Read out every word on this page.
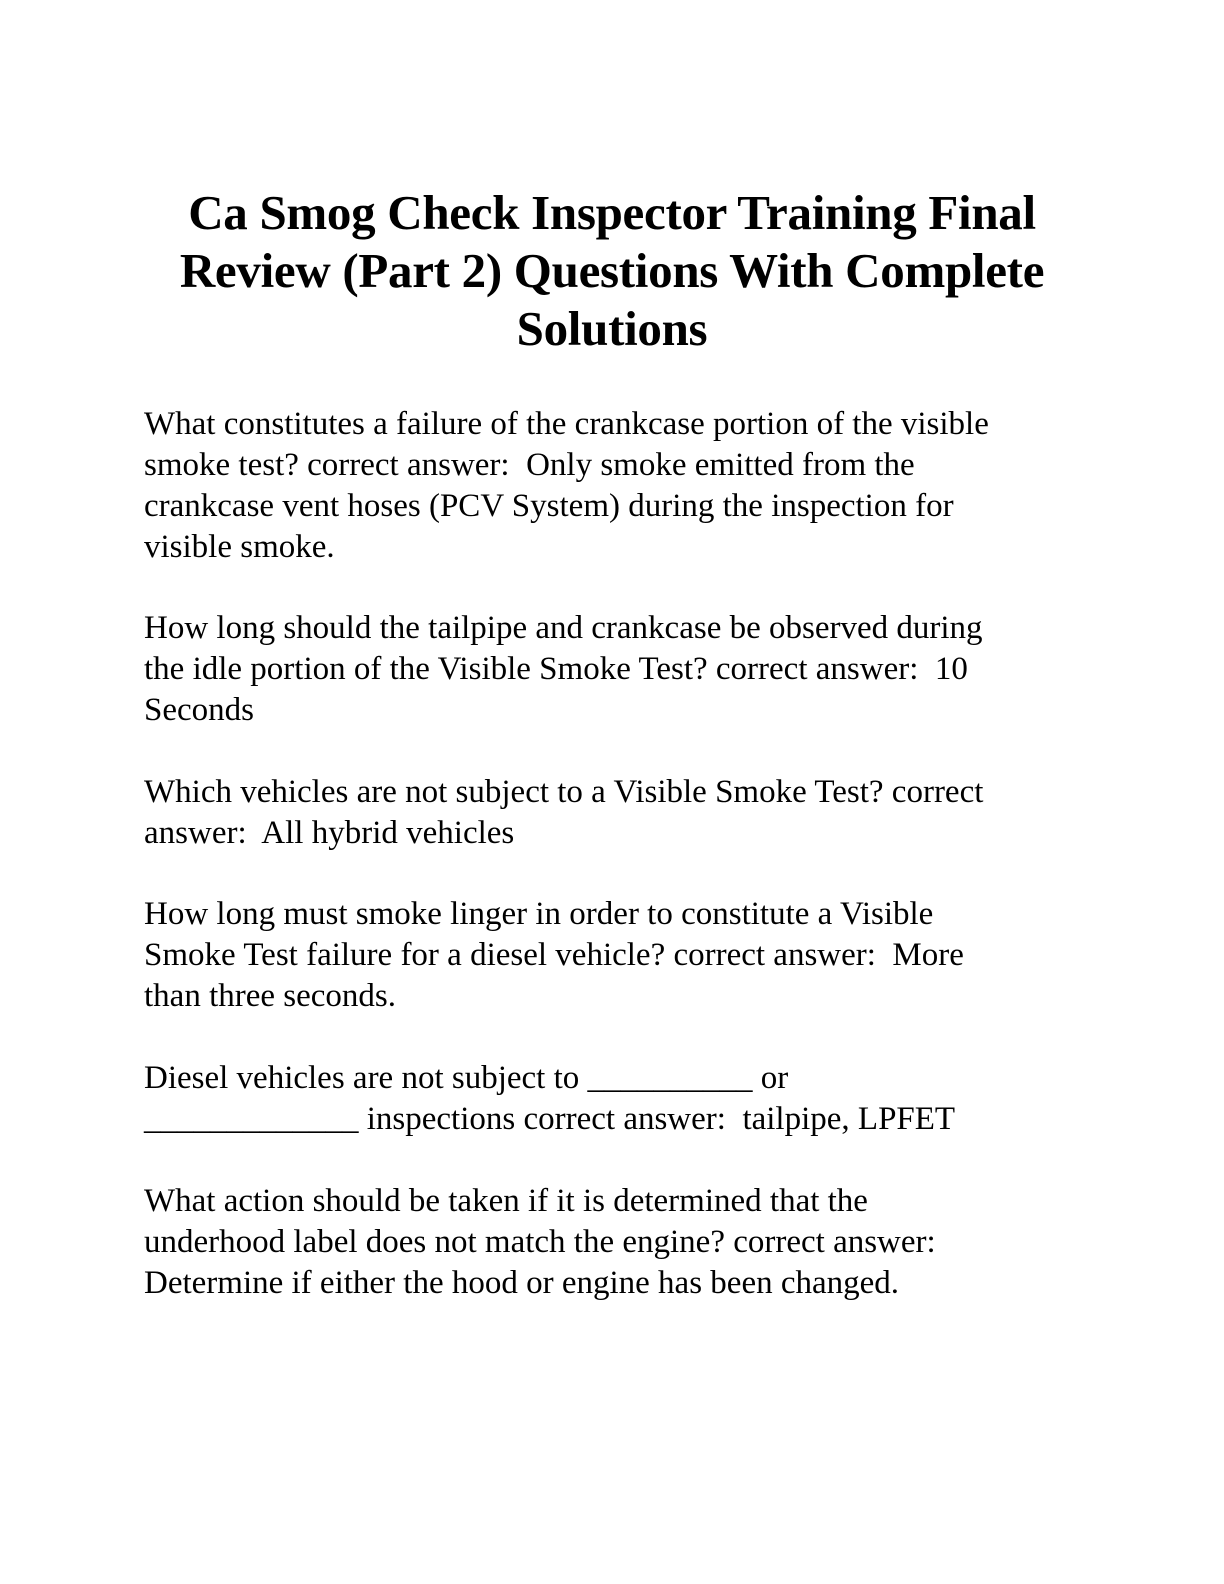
Ca Smog Check Inspector Training Final
Review (Part 2) Questions With Complete
Solutions
What constitutes a failure of the crankcase portion of the visible
smoke test? correct answer:  Only smoke emitted from the
crankcase vent hoses (PCV System) during the inspection for
visible smoke.
How long should the tailpipe and crankcase be observed during
the idle portion of the Visible Smoke Test? correct answer:  10
Seconds
Which vehicles are not subject to a Visible Smoke Test? correct
answer:  All hybrid vehicles
How long must smoke linger in order to constitute a Visible
Smoke Test failure for a diesel vehicle? correct answer:  More
than three seconds.
Diesel vehicles are not subject to __________ or
_____________ inspections correct answer:  tailpipe, LPFET
What action should be taken if it is determined that the
underhood label does not match the engine? correct answer:
Determine if either the hood or engine has been changed.
